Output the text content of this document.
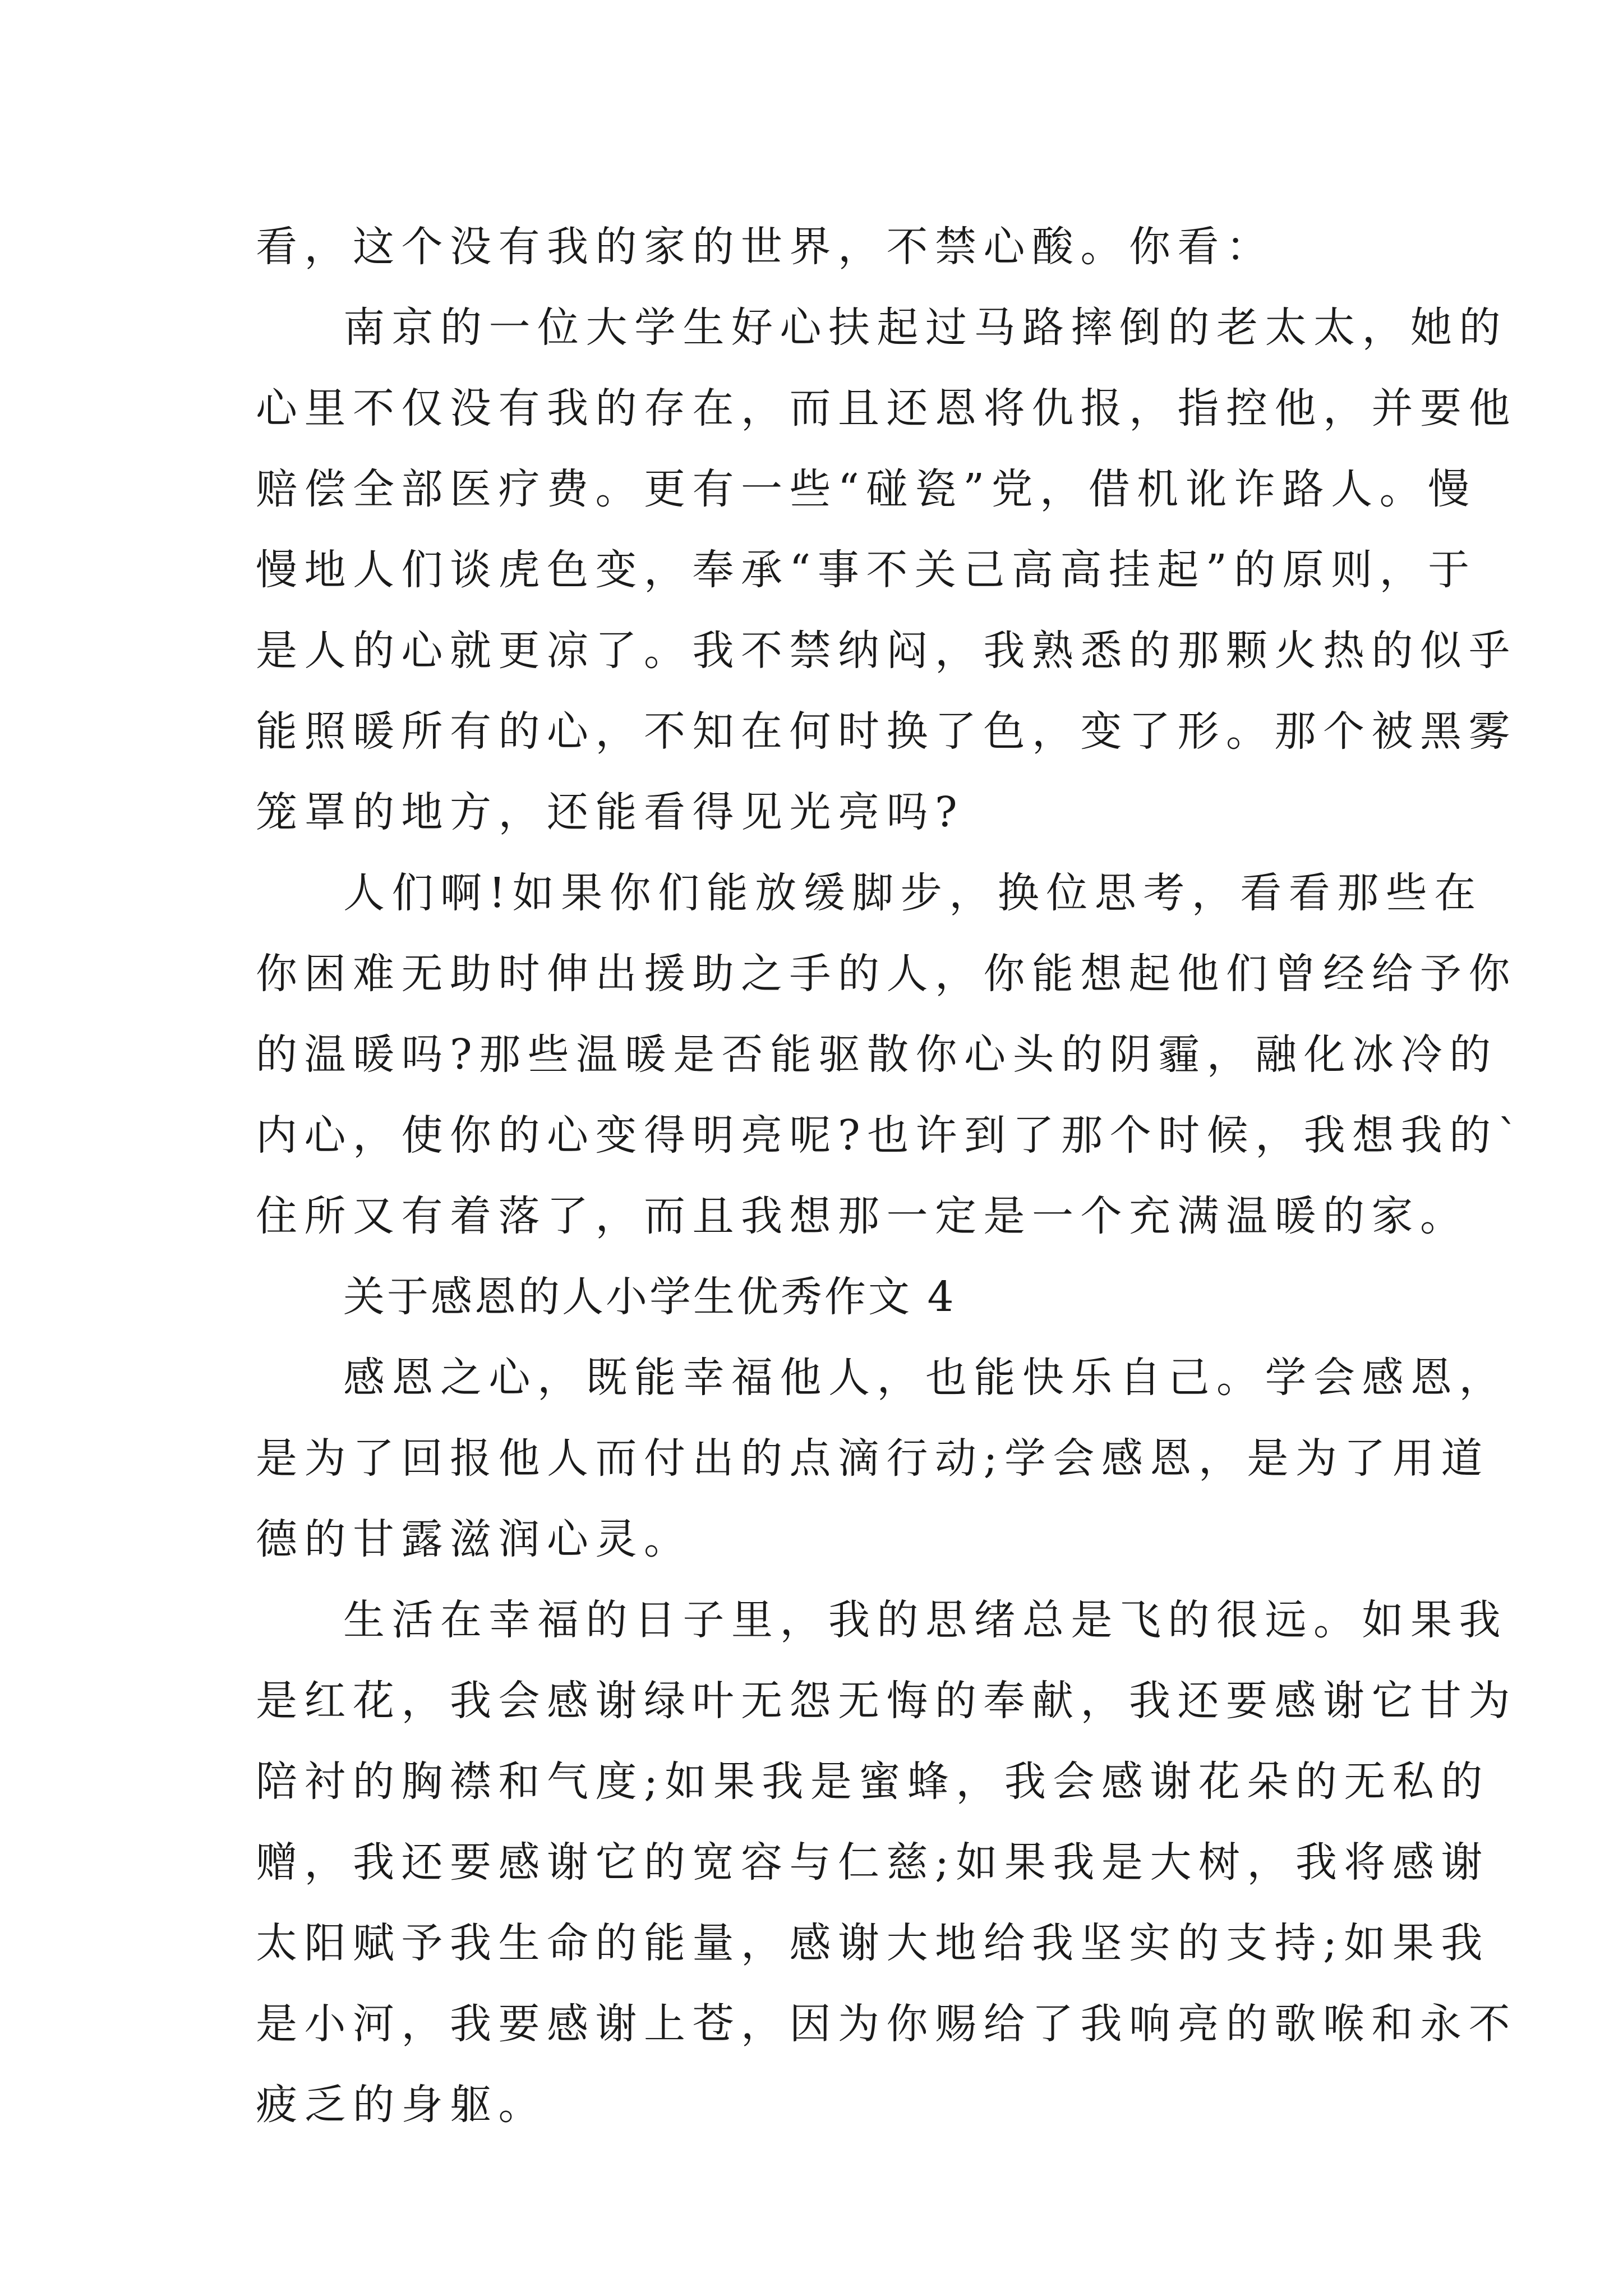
看，这个没有我的家的世界，不禁心酸。你看：
南京的一位大学生好心扶起过马路摔倒的老太太，她的
心里不仅没有我的存在，而且还恩将仇报，指控他，并要他
赔偿全部医疗费。更有一些“碰瓷”党，借机讹诈路人。慢
慢地人们谈虎色变，奉承“事不关己高高挂起”的原则，于
是人的心就更凉了。我不禁纳闷，我熟悉的那颗火热的似乎
能照暖所有的心，不知在何时换了色，变了形。那个被黑雾
笼罩的地方，还能看得见光亮吗?
人们啊!如果你们能放缓脚步，换位思考，看看那些在
你困难无助时伸出援助之手的人，你能想起他们曾经给予你
的温暖吗?那些温暖是否能驱散你心头的阴霾，融化冰冷的
内心，使你的心变得明亮呢?也许到了那个时候，我想我的`
住所又有着落了，而且我想那一定是一个充满温暖的家。
关于感恩的人小学生优秀作文 4
感恩之心，既能幸福他人，也能快乐自己。学会感恩，
是为了回报他人而付出的点滴行动;学会感恩，是为了用道
德的甘露滋润心灵。
生活在幸福的日子里，我的思绪总是飞的很远。如果我
是红花，我会感谢绿叶无怨无悔的奉献，我还要感谢它甘为
陪衬的胸襟和气度;如果我是蜜蜂，我会感谢花朵的无私的
赠，我还要感谢它的宽容与仁慈;如果我是大树，我将感谢
太阳赋予我生命的能量，感谢大地给我坚实的支持;如果我
是小河，我要感谢上苍，因为你赐给了我响亮的歌喉和永不
疲乏的身躯。
